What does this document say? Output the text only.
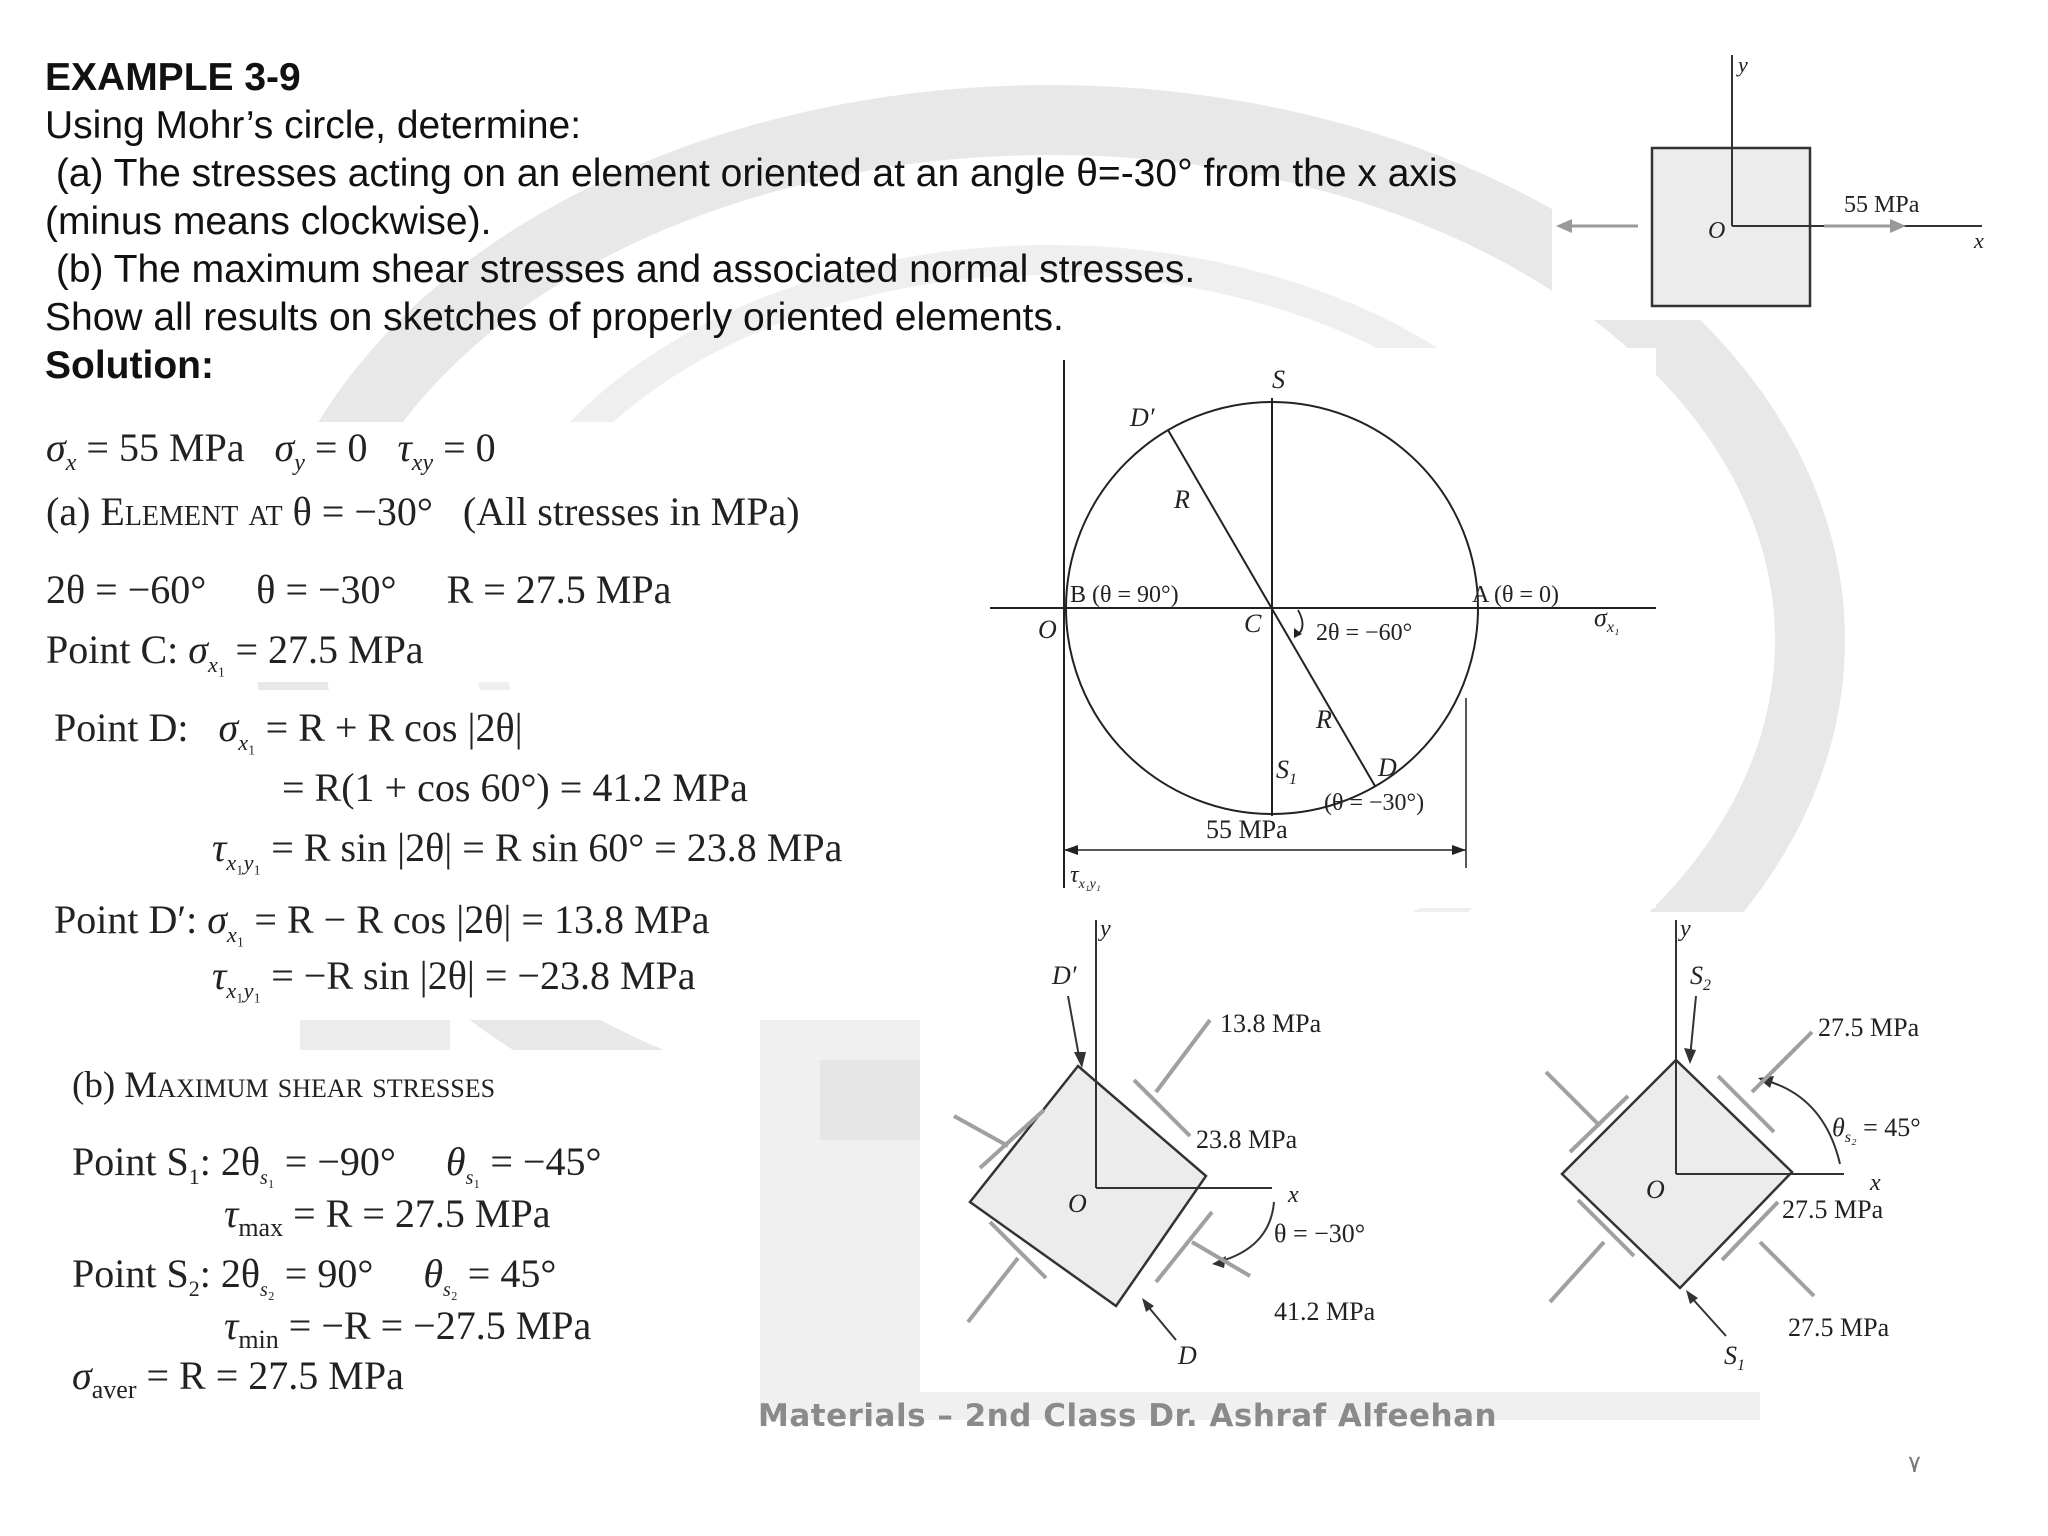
EXAMPLE 3-9
Using Mohr’s circle, determine:
(a) The stresses acting on an element oriented at an angle θ=-30° from the x axis
(minus means clockwise).
(b) The maximum shear stresses and associated normal stresses.
Show all results on sketches of properly oriented elements.
Solution:
$\sigma_x = 55$ MPa $\sigma_y = 0$ $\tau_{xy} = 0$
(a) Element at θ = −30° (All stresses in MPa)
2θ = −60° θ = −30° R = 27.5 MPa
Point C: $\sigma_{x_1} = 27.5$ MPa
Point D: $\sigma_{x_1} = R + R$ cos |2θ|
= R(1 + cos 60°) = 41.2 MPa
$\tau_{x_1y_1} = R$ sin |2θ| = R sin 60° = 23.8 MPa
Point D′: $\sigma_{x_1} = R - R$ cos |2θ| = 13.8 MPa
$\tau_{x_1y_1} = -R$ sin |2θ| = −23.8 MPa
(b) Maximum shear stresses
Point $S_1$: $2\theta_{s_1} = -90^\circ$ $\theta_{s_1} = -45^\circ$
$\tau_{max} = R = 27.5$ MPa
Point $S_2$: $2\theta_{s_2} = 90^\circ$ $\theta_{s_2} = 45^\circ$
$\tau_{min} = -R = -27.5$ MPa
$\sigma_{aver} = R = 27.5$ MPa
y
x
O
55 MPa
S
D′
R
B (θ = 90°)	A (θ = 0)
O	C 2θ = −60°
$\sigma_{x_1}$
R
$S_1$	D
(θ = −30°)
55 MPa
$\tau_{x_1y_1}$
y
D′
13.8 MPa
23.8 MPa
O	x
θ = −30°
41.2 MPa
D
y
$S_2$
27.5 MPa
$\theta_{s_2} = 45^\circ$
O	x
27.5 MPa
27.5 MPa
$S_1$
Materials – 2nd Class Dr. Ashraf Alfeehan
٧
